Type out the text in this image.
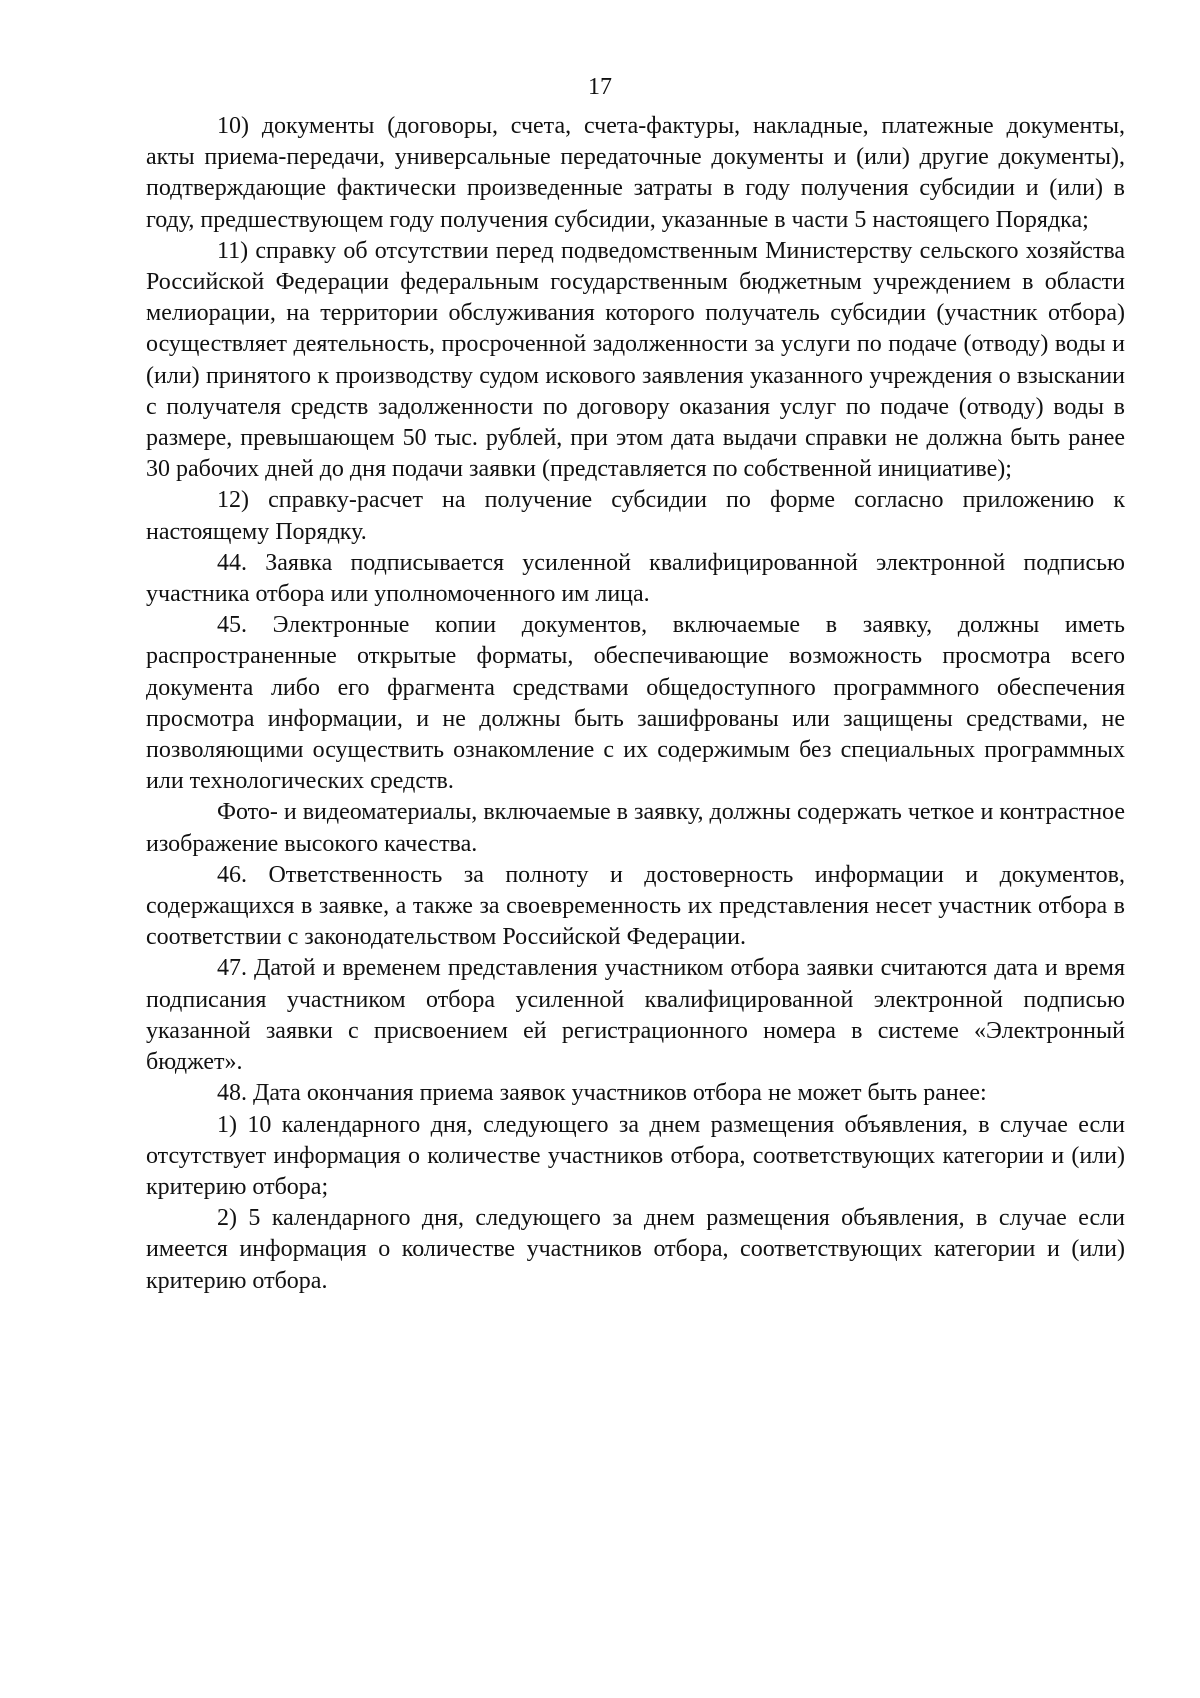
17

10) документы (договоры, счета, счета-фактуры, накладные, платежные документы, акты приема-передачи, универсальные передаточные документы и (или) другие документы), подтверждающие фактически произведенные затраты в году получения субсидии и (или) в году, предшествующем году получения субсидии, указанные в части 5 настоящего Порядка;

11) справку об отсутствии перед подведомственным Министерству сельского хозяйства Российской Федерации федеральным государственным бюджетным учреждением в области мелиорации, на территории обслуживания которого получатель субсидии (участник отбора) осуществляет деятельность, просроченной задолженности за услуги по подаче (отводу) воды и (или) принятого к производству судом искового заявления указанного учреждения о взыскании с получателя средств задолженности по договору оказания услуг по подаче (отводу) воды в размере, превышающем 50 тыс. рублей, при этом дата выдачи справки не должна быть ранее 30 рабочих дней до дня подачи заявки (представляется по собственной инициативе);

12) справку-расчет на получение субсидии по форме согласно приложению к настоящему Порядку.

44. Заявка подписывается усиленной квалифицированной электронной подписью участника отбора или уполномоченного им лица.

45. Электронные копии документов, включаемые в заявку, должны иметь распространенные открытые форматы, обеспечивающие возможность просмотра всего документа либо его фрагмента средствами общедоступного программного обеспечения просмотра информации, и не должны быть зашифрованы или защищены средствами, не позволяющими осуществить ознакомление с их содержимым без специальных программных или технологических средств.

Фото- и видеоматериалы, включаемые в заявку, должны содержать четкое и контрастное изображение высокого качества.

46. Ответственность за полноту и достоверность информации и документов, содержащихся в заявке, а также за своевременность их представления несет участник отбора в соответствии с законодательством Российской Федерации.

47. Датой и временем представления участником отбора заявки считаются дата и время подписания участником отбора усиленной квалифицированной электронной подписью указанной заявки с присвоением ей регистрационного номера в системе «Электронный бюджет».

48. Дата окончания приема заявок участников отбора не может быть ранее:

1) 10 календарного дня, следующего за днем размещения объявления, в случае если отсутствует информация о количестве участников отбора, соответствующих категории и (или) критерию отбора;

2) 5 календарного дня, следующего за днем размещения объявления, в случае если имеется информация о количестве участников отбора, соответствующих категории и (или) критерию отбора.
